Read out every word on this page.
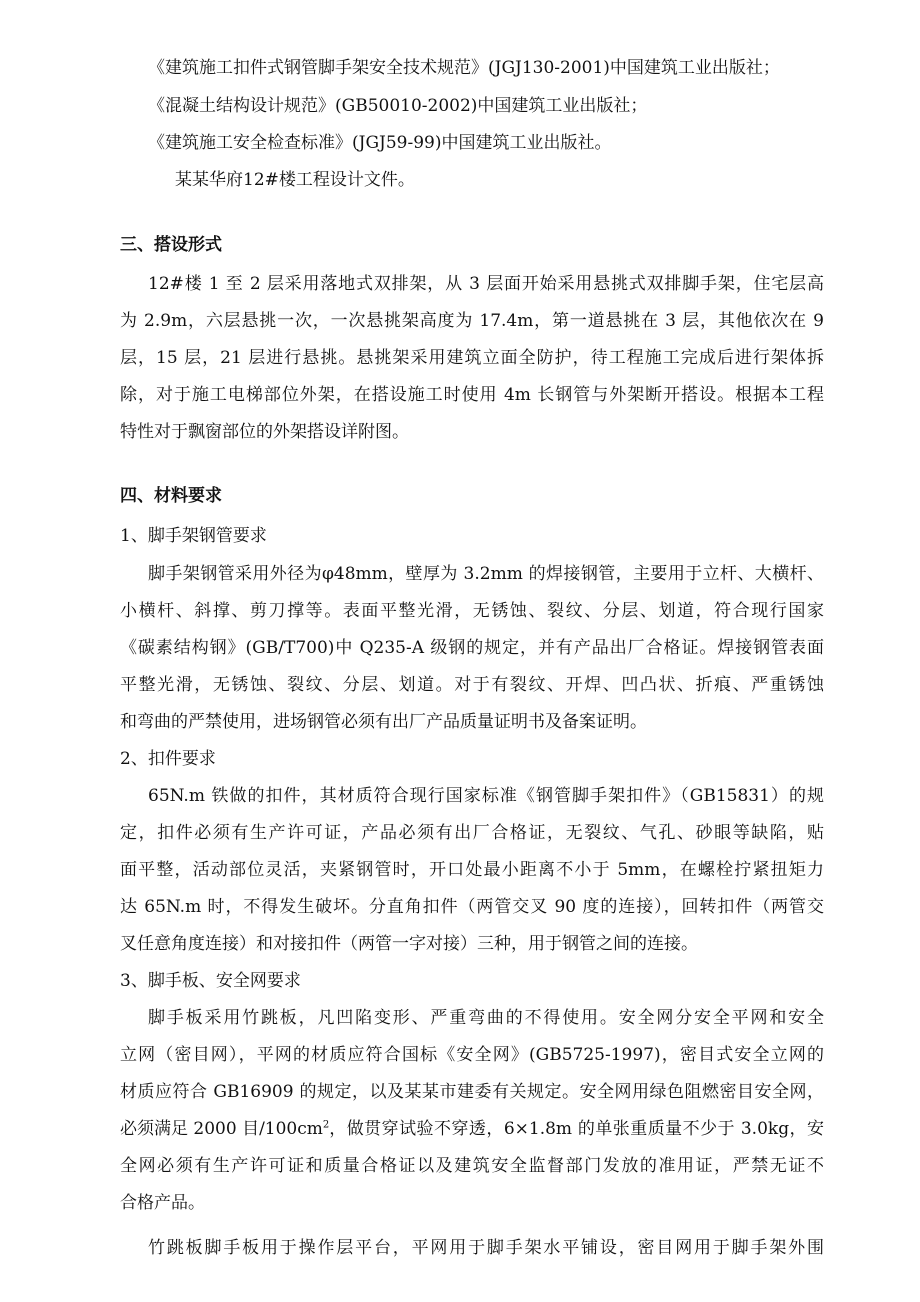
《建筑施工扣件式钢管脚手架安全技术规范》(JGJ130-2001)中国建筑工业出版社；
《混凝土结构设计规范》(GB50010-2002)中国建筑工业出版社；
《建筑施工安全检查标准》(JGJ59-99)中国建筑工业出版社。
某某华府12#楼工程设计文件。
三、搭设形式
12#楼 1 至 2 层采用落地式双排架，从 3 层面开始采用悬挑式双排脚手架，住宅层高
为 2.9m，六层悬挑一次，一次悬挑架高度为 17.4m，第一道悬挑在 3 层，其他依次在 9
层，15 层，21 层进行悬挑。悬挑架采用建筑立面全防护，待工程施工完成后进行架体拆
除，对于施工电梯部位外架，在搭设施工时使用 4m 长钢管与外架断开搭设。根据本工程
特性对于飘窗部位的外架搭设详附图。
四、材料要求
1、脚手架钢管要求
脚手架钢管采用外径为φ48mm，壁厚为 3.2mm 的焊接钢管，主要用于立杆、大横杆、
小横杆、斜撑、剪刀撑等。表面平整光滑，无锈蚀、裂纹、分层、划道，符合现行国家
《碳素结构钢》(GB/T700)中 Q235-A 级钢的规定，并有产品出厂合格证。焊接钢管表面
平整光滑，无锈蚀、裂纹、分层、划道。对于有裂纹、开焊、凹凸状、折痕、严重锈蚀
和弯曲的严禁使用，进场钢管必须有出厂产品质量证明书及备案证明。
2、扣件要求
65N.m 铁做的扣件，其材质符合现行国家标准《钢管脚手架扣件》（GB15831）的规
定，扣件必须有生产许可证，产品必须有出厂合格证，无裂纹、气孔、砂眼等缺陷，贴
面平整，活动部位灵活，夹紧钢管时，开口处最小距离不小于 5mm，在螺栓拧紧扭矩力
达 65N.m 时，不得发生破坏。分直角扣件（两管交叉 90 度的连接），回转扣件（两管交
叉任意角度连接）和对接扣件（两管一字对接）三种，用于钢管之间的连接。
3、脚手板、安全网要求
脚手板采用竹跳板，凡凹陷变形、严重弯曲的不得使用。安全网分安全平网和安全
立网（密目网），平网的材质应符合国标《安全网》(GB5725-1997)，密目式安全立网的
材质应符合 GB16909 的规定，以及某某市建委有关规定。安全网用绿色阻燃密目安全网，
必须满足 2000 目$/100cm^2$ ，做贯穿试验不穿透，6×1.8m 的单张重质量不少于 3.0kg，安
全网必须有生产许可证和质量合格证以及建筑安全监督部门发放的准用证，严禁无证不
合格产品。
竹跳板脚手板用于操作层平台，平网用于脚手架水平铺设，密目网用于脚手架外围
